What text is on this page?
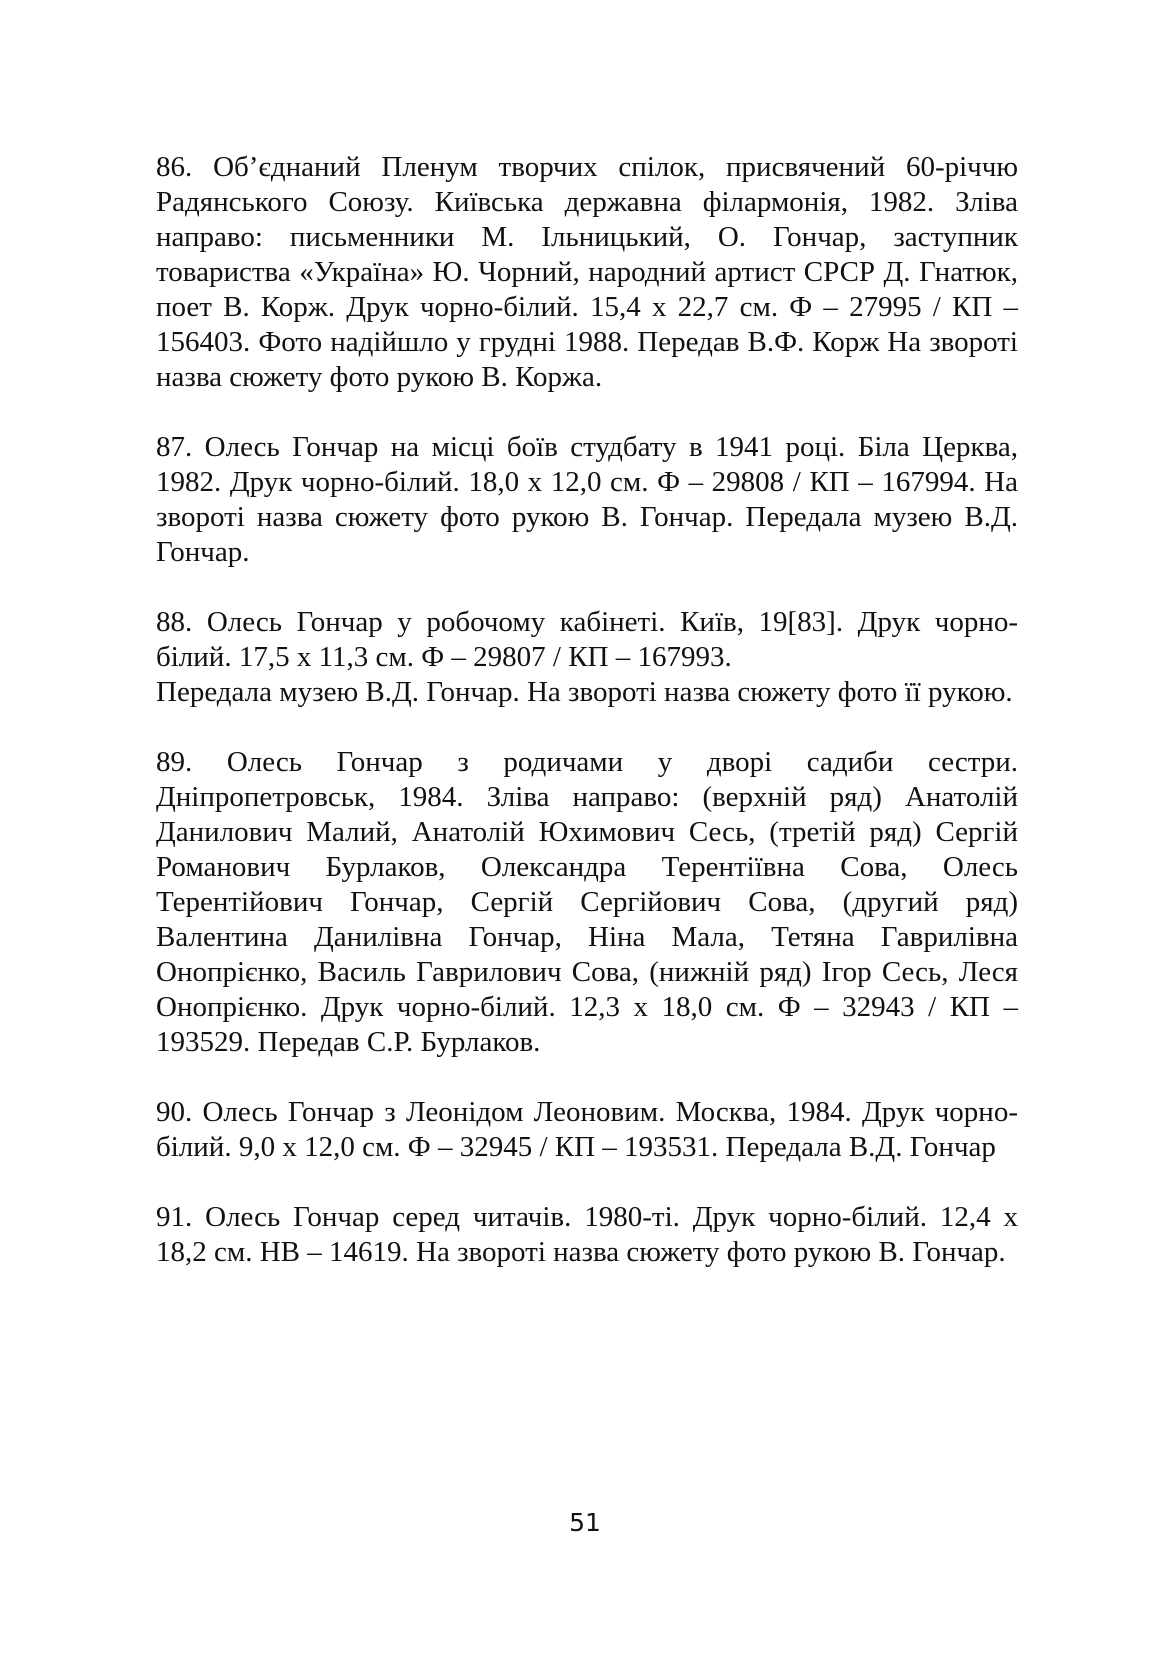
86. Об’єднаний Пленум творчих спілок, присвячений 60-річчю Радянського Союзу. Київська державна філармонія, 1982. Зліва направо: письменники М. Ільницький, О. Гончар, заступник товариства «Україна» Ю. Чорний, народний артист СРСР Д. Гнатюк, поет В. Корж. Друк чорно-білий. 15,4 х 22,7 см. Ф – 27995 / КП – 156403. Фото надійшло у грудні 1988. Передав В.Ф. Корж На звороті назва сюжету фото рукою В. Коржа.

87. Олесь Гончар на місці боїв студбату в 1941 році. Біла Церква, 1982. Друк чорно-білий. 18,0 х 12,0 см. Ф – 29808 / КП – 167994. На звороті назва сюжету фото рукою В. Гончар. Передала музею В.Д. Гончар.

88. Олесь Гончар у робочому кабінеті. Київ, 19[83]. Друк чорно-білий. 17,5 х 11,3 см. Ф – 29807 / КП – 167993.
Передала музею В.Д. Гончар. На звороті назва сюжету фото її рукою.

89. Олесь Гончар з родичами у дворі садиби сестри. Дніпропетровськ, 1984. Зліва направо: (верхній ряд) Анатолій Данилович Малий, Анатолій Юхимович Сесь, (третій ряд) Сергій Романович Бурлаков, Олександра Терентіївна Сова, Олесь Терентійович Гончар, Сергій Сергійович Сова, (другий ряд) Валентина Данилівна Гончар, Ніна Мала, Тетяна Гаврилівна Онопрієнко, Василь Гаврилович Сова, (нижній ряд) Ігор Сесь, Леся Онопрієнко. Друк чорно-білий. 12,3 х 18,0 см. Ф – 32943 / КП – 193529. Передав С.Р. Бурлаков.

90. Олесь Гончар з Леонідом Леоновим. Москва, 1984. Друк чорно-білий. 9,0 х 12,0 см. Ф – 32945 / КП – 193531. Передала В.Д. Гончар

91. Олесь Гончар серед читачів. 1980-ті. Друк чорно-білий. 12,4 х 18,2 см. НВ – 14619. На звороті назва сюжету фото рукою В. Гончар.

51
